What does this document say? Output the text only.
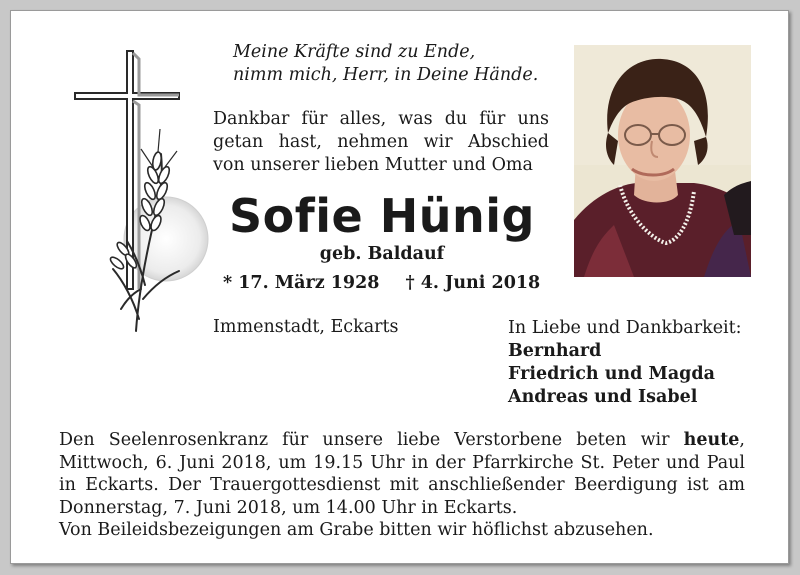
Meine Kräfte sind zu Ende,
nimm mich, Herr, in Deine Hände.
Dankbar für alles, was du für uns
getan hast, nehmen wir Abschied
von unserer lieben Mutter und Oma
Sofie Hünig
geb. Baldauf
* 17. März 1928 † 4. Juni 2018
Immenstadt, Eckarts	In Liebe und Dankbarkeit:
Bernhard
Friedrich und Magda
Andreas und Isabel
Den Seelenrosenkranz für unsere liebe Verstorbene beten wir heute,
Mittwoch, 6. Juni 2018, um 19.15 Uhr in der Pfarrkirche St. Peter und Paul
in Eckarts. Der Trauergottesdienst mit anschließender Beerdigung ist am
Donnerstag, 7. Juni 2018, um 14.00 Uhr in Eckarts.
Von Beileidsbezeigungen am Grabe bitten wir höflichst abzusehen.
